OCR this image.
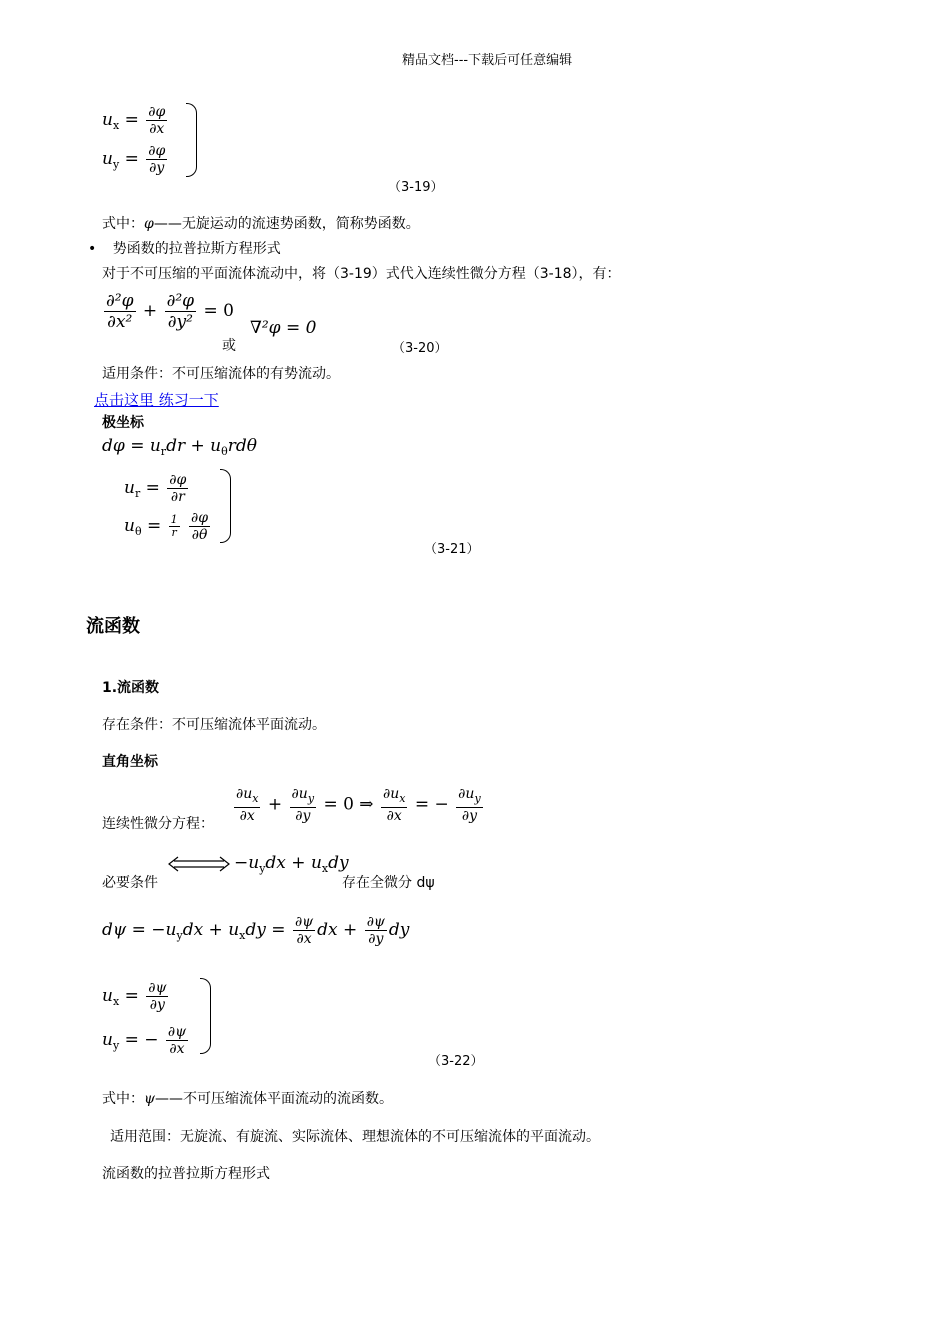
精品文档---下载后可任意编辑
$u_x = \frac{\partial\varphi}{\partial x}$
$u_y = \frac{\partial\varphi}{\partial y}$
（3-19）
式中：φ——无旋运动的流速势函数，简称势函数。
• 势函数的拉普拉斯方程形式
对于不可压缩的平面流体流动中，将（3-19）式代入连续性微分方程（3-18），有：
$\frac{\text{∂²φ}}{\text{∂x²}} + \frac{\text{∂²φ}}{\text{∂y²}} = 0$
或
∇²φ = 0
（3-20）
适用条件：不可压缩流体的有势流动。
点击这里 练习一下
极坐标
$d\varphi = u_rdr + u_\theta rd\theta$
$u_r = \frac{\partial\varphi}{\partial r}$
$u_\theta = \frac{1}{r}$
$\frac{\partial\varphi}{\partial\theta}$
（3-21）
流函数
1.流函数
存在条件：不可压缩流体平面流动。
直角坐标
连续性微分方程： $\frac{\partial u_x}{\partial x} + \frac{\partial u_y}{\partial y} = 0$ ⇒ $\frac{\partial u_x}{\partial x}$ = − $\frac{\partial u_y}{\partial y}$
必要条件
$-u_ydx + u_xdy$
存在全微分 dψ
$d\psi = -u_ydx + u_xdy = \frac{\partial\psi}{\partial x}$ dx + $\frac{\partial\psi}{\partial y}$ dy
$u_x = \frac{\partial\psi}{\partial y}$
$u_y$ = − $\frac{\partial\psi}{\partial x}$
（3-22）
式中：ψ——不可压缩流体平面流动的流函数。
适用范围：无旋流、有旋流、实际流体、理想流体的不可压缩流体的平面流动。
流函数的拉普拉斯方程形式
